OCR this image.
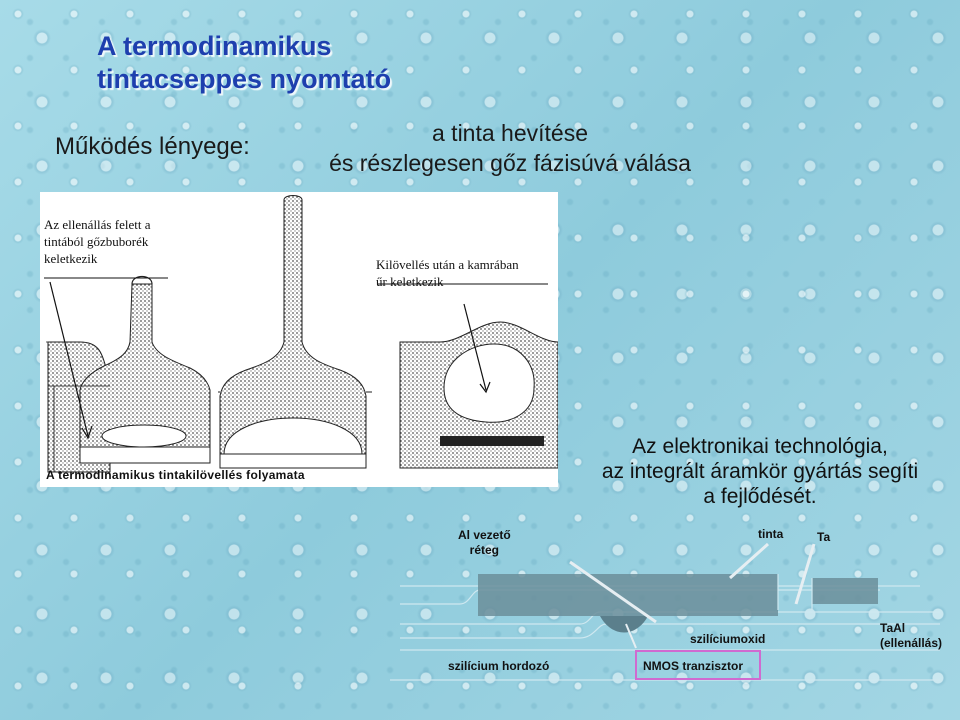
A termodinamikus
tintacseppes nyomtató
Működés lényege:	a tinta hevítése
és részlegesen gőz fázisúvá válása
Az ellenállás felett a
tintából gőzbuborék
keletkezik	Kilövellés után a kamrában
űr keletkezik
A termodinamikus tintakilövellés folyamata
Az elektronikai technológia,
az integrált áramkör gyártás segíti
a fejlődését.
Al vezető
réteg
tinta	Ta
szilíciumoxid
TaAl
(ellenállás)
szilícium hordozó	NMOS tranzisztor
